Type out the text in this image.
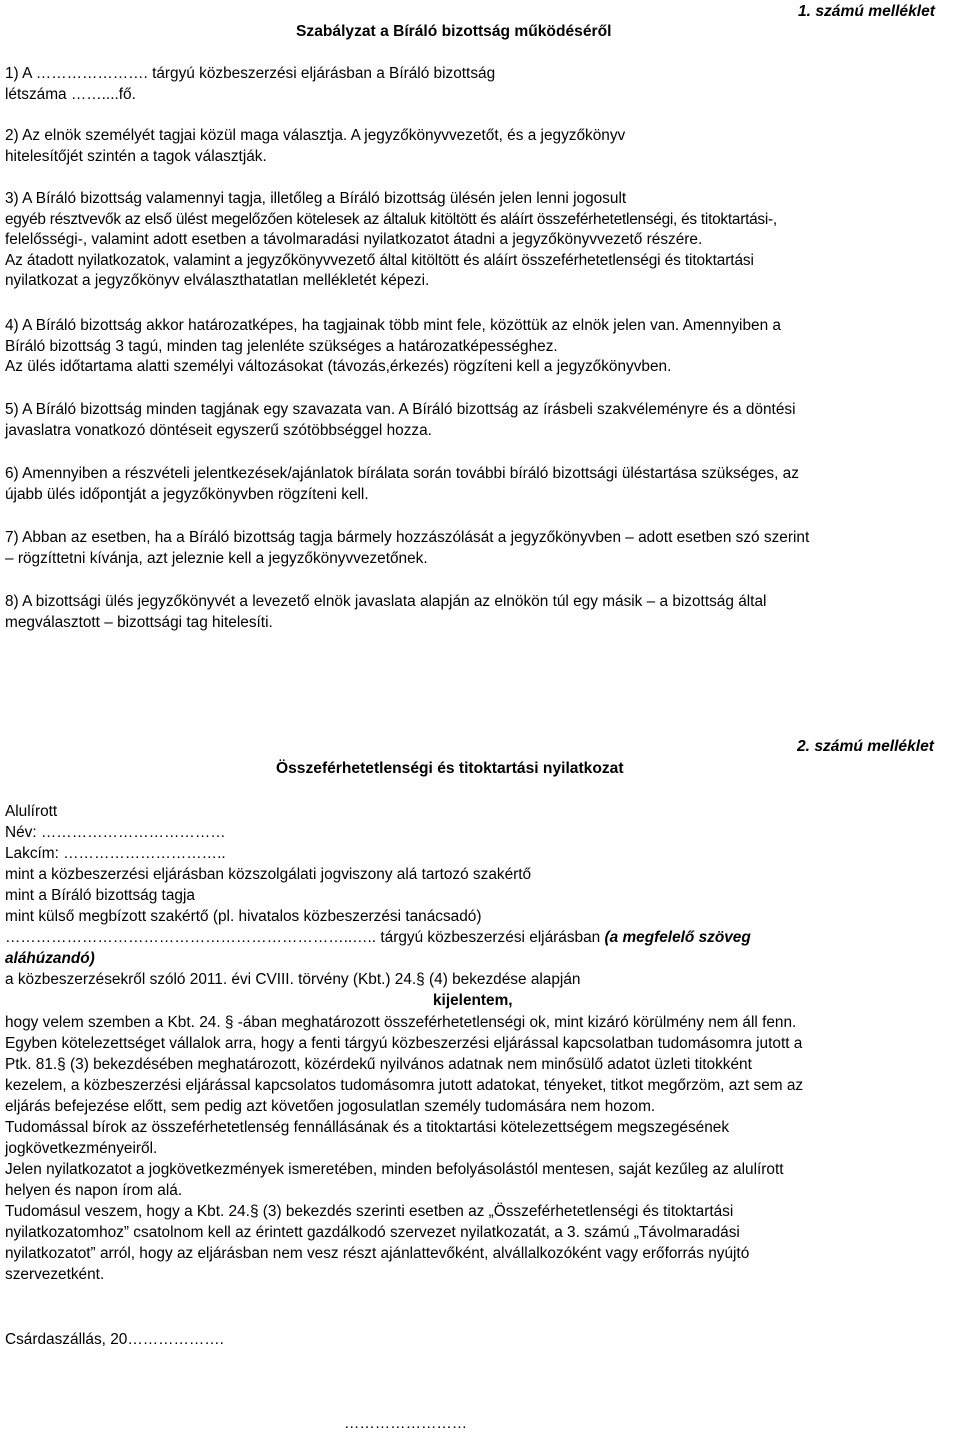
Szabályzat a Bíráló bizottság működéséről
1. számú melléklet
1) A …………………. tárgyú közbeszerzési eljárásban a Bíráló bizottság
létszáma ……....fő.
2) Az elnök személyét tagjai közül maga választja. A jegyzőkönyvvezetőt, és a jegyzőkönyv
hitelesítőjét szintén a tagok választják.
3) A Bíráló bizottság valamennyi tagja, illetőleg a Bíráló bizottság ülésén jelen lenni jogosult
egyéb résztvevők az első ülést megelőzően kötelesek az általuk kitöltött és aláírt összeférhetetlenségi, és titoktartási-,
felelősségi-, valamint adott esetben a távolmaradási nyilatkozatot átadni a jegyzőkönyvvezető részére.
Az átadott nyilatkozatok, valamint a jegyzőkönyvvezető által kitöltött és aláírt összeférhetetlenségi és titoktartási
nyilatkozat a jegyzőkönyv elválaszthatatlan mellékletét képezi.
4) A Bíráló bizottság akkor határozatképes, ha tagjainak több mint fele, közöttük az elnök jelen van. Amennyiben a
Bíráló bizottság 3 tagú, minden tag jelenléte szükséges a határozatképességhez.
Az ülés időtartama alatti személyi változásokat (távozás,érkezés) rögzíteni kell a jegyzőkönyvben.
5) A Bíráló bizottság minden tagjának egy szavazata van. A Bíráló bizottság az írásbeli szakvéleményre és a döntési
javaslatra vonatkozó döntéseit egyszerű szótöbbséggel hozza.
6) Amennyiben a részvételi jelentkezések/ajánlatok bírálata során további bíráló bizottsági üléstartása szükséges, az
újabb ülés időpontját a jegyzőkönyvben rögzíteni kell.
7) Abban az esetben, ha a Bíráló bizottság tagja bármely hozzászólását a jegyzőkönyvben – adott esetben szó szerint
– rögzíttetni kívánja, azt jeleznie kell a jegyzőkönyvvezetőnek.
8) A bizottsági ülés jegyzőkönyvét a levezető elnök javaslata alapján az elnökön túl egy másik – a bizottság által
megválasztott – bizottsági tag hitelesíti.
2. számú melléklet
Összeférhetetlenségi és titoktartási nyilatkozat
Alulírott
Név: ………………………………
Lakcím: …………………………..
mint a közbeszerzési eljárásban közszolgálati jogviszony alá tartozó szakértő
mint a Bíráló bizottság tagja
mint külső megbízott szakértő (pl. hivatalos közbeszerzési tanácsadó)
…………………………………………………………..….. tárgyú közbeszerzési eljárásban (a megfelelő szöveg
aláhúzandó)
a közbeszerzésekről szóló 2011. évi CVIII. törvény (Kbt.) 24.§ (4) bekezdése alapján
kijelentem,
hogy velem szemben a Kbt. 24. § -ában meghatározott összeférhetetlenségi ok, mint kizáró körülmény nem áll fenn.
Egyben kötelezettséget vállalok arra, hogy a fenti tárgyú közbeszerzési eljárással kapcsolatban tudomásomra jutott a
Ptk. 81.§ (3) bekezdésében meghatározott, közérdekű nyilvános adatnak nem minősülő adatot üzleti titokként
kezelem, a közbeszerzési eljárással kapcsolatos tudomásomra jutott adatokat, tényeket, titkot megőrzöm, azt sem az
eljárás befejezése előtt, sem pedig azt követően jogosulatlan személy tudomására nem hozom.
Tudomással bírok az összeférhetetlenség fennállásának és a titoktartási kötelezettségem megszegésének
jogkövetkezményeiről.
Jelen nyilatkozatot a jogkövetkezmények ismeretében, minden befolyásolástól mentesen, saját kezűleg az alulírott
helyen és napon írom alá.
Tudomásul veszem, hogy a Kbt. 24.§ (3) bekezdés szerinti esetben az „Összeférhetetlenségi és titoktartási
nyilatkozatomhoz” csatolnom kell az érintett gazdálkodó szervezet nyilatkozatát, a 3. számú „Távolmaradási
nyilatkozatot” arról, hogy az eljárásban nem vesz részt ajánlattevőként, alvállalkozóként vagy erőforrás nyújtó
szervezetként.
Csárdaszállás, 20……………….
……………………
